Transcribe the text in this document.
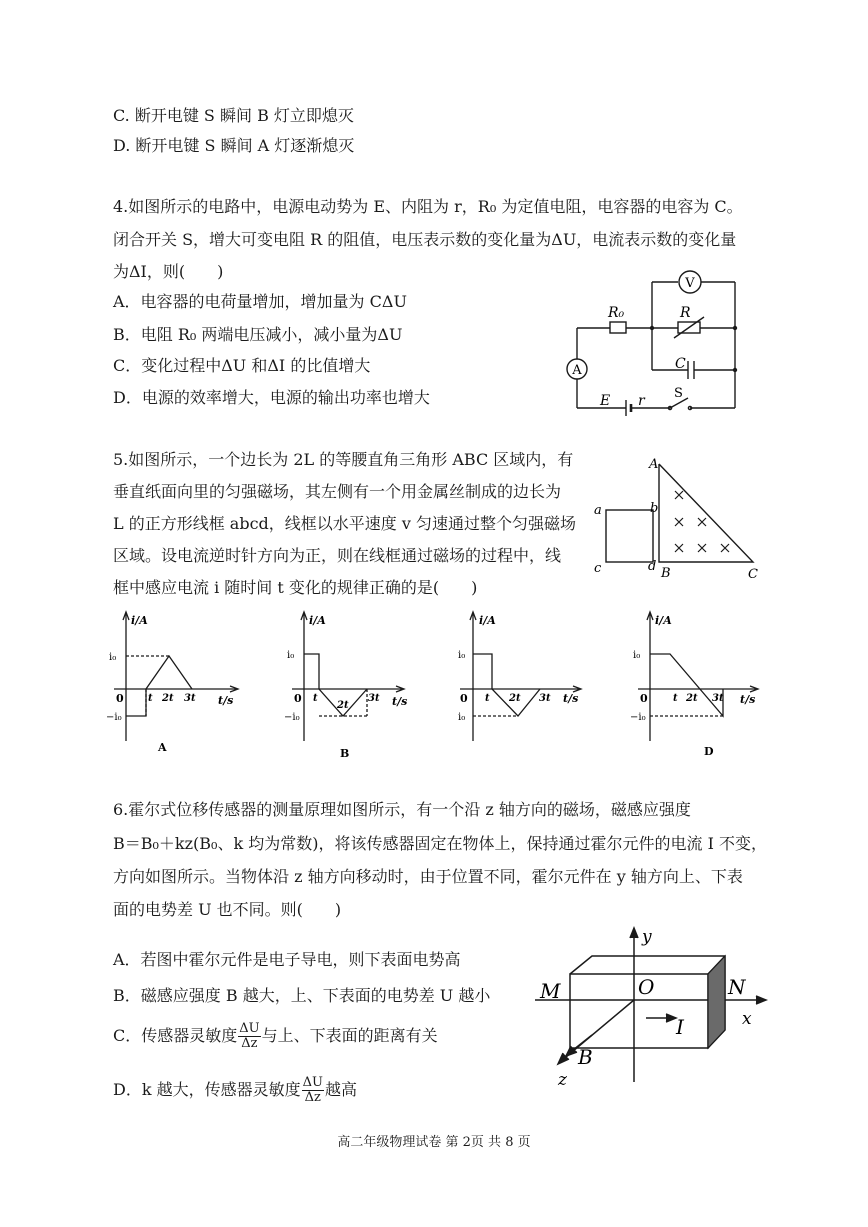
C. 断开电键 S 瞬间 B 灯立即熄灭
D. 断开电键 S 瞬间 A 灯逐渐熄灭
4.如图所示的电路中，电源电动势为 E、内阻为 r，R₀ 为定值电阻，电容器的电容为 C。
闭合开关 S，增大可变电阻 R 的阻值，电压表示数的变化量为ΔU，电流表示数的变化量
为ΔI，则(　　)
A．电容器的电荷量增加，增加量为 CΔU
B．电阻 R₀ 两端电压减小，减小量为ΔU
C．变化过程中ΔU 和ΔI 的比值增大
D．电源的效率增大，电源的输出功率也增大
V
A
R₀	R
C
S
E r
5.如图所示，一个边长为 2L 的等腰直角三角形 ABC 区域内，有
垂直纸面向里的匀强磁场，其左侧有一个用金属丝制成的边长为
L 的正方形线框 abcd，线框以水平速度 v 匀速通过整个匀强磁场
区域。设电流逆时针方向为正，则在线框通过磁场的过程中，线
框中感应电流 i 随时间 t 变化的规律正确的是(　　)
A
B	C
a	b
c	d
i/A
t/s
i₀
−i₀
0 t 2t 3t
A
i/A
t/s
i₀
−i₀
0 t
2t
3t
B
i/A
t/s
i₀
i₀
0 t 2t 3t
i/A
t/s
i₀
−i₀
0	t 2t 3t
D
6.霍尔式位移传感器的测量原理如图所示，有一个沿 z 轴方向的磁场，磁感应强度
B＝B₀＋kz(B₀、k 均为常数)，将该传感器固定在物体上，保持通过霍尔元件的电流 I 不变，
方向如图所示。当物体沿 z 轴方向移动时，由于位置不同，霍尔元件在 y 轴方向上、下表
面的电势差 U 也不同。则(　　)
A．若图中霍尔元件是电子导电，则下表面电势高
B．磁感应强度 B 越大，上、下表面的电势差 U 越小
C．传感器灵敏度 $\frac{\Delta U}{\Delta z}$ 与上、下表面的距离有关
D．k 越大，传感器灵敏度 $\frac{\Delta U}{\Delta z}$ 越高
y
x
z
M	N
O
I
B
高二年级物理试卷 第 2页 共 8 页
